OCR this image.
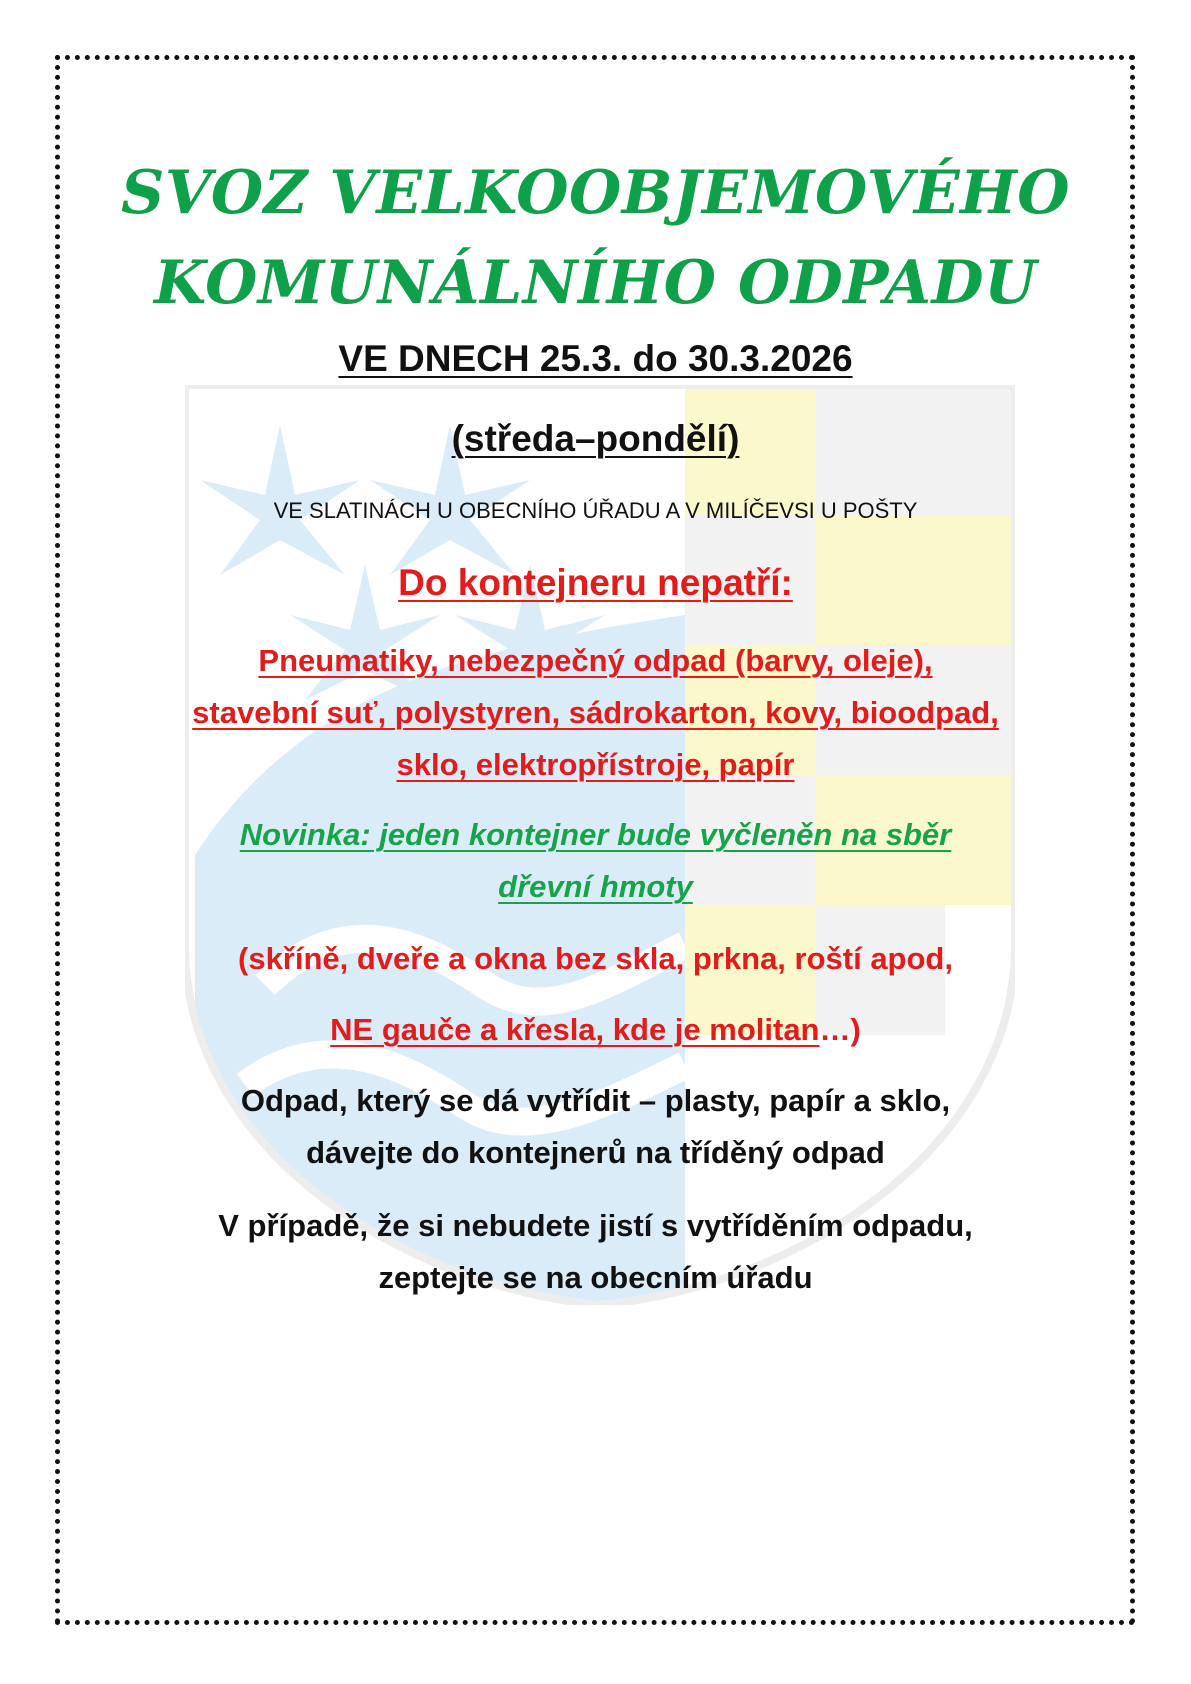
SVOZ VELKOOBJEMOVÉHO
KOMUNÁLNÍHO ODPADU
VE DNECH 25.3. do 30.3.2026
(středa–pondělí)
VE SLATINÁCH U OBECNÍHO ÚŘADU A V MILÍČEVSI U POŠTY
Do kontejneru nepatří:
Pneumatiky, nebezpečný odpad (barvy, oleje),
stavební suť, polystyren, sádrokarton, kovy, bioodpad,
sklo, elektropřístroje, papír
Novinka: jeden kontejner bude vyčleněn na sběr
dřevní hmoty
(skříně, dveře a okna bez skla, prkna, roští apod,
NE gauče a křesla, kde je molitan…)
Odpad, který se dá vytřídit – plasty, papír a sklo,
dávejte do kontejnerů na tříděný odpad
V případě, že si nebudete jistí s vytříděním odpadu,
zeptejte se na obecním úřadu
